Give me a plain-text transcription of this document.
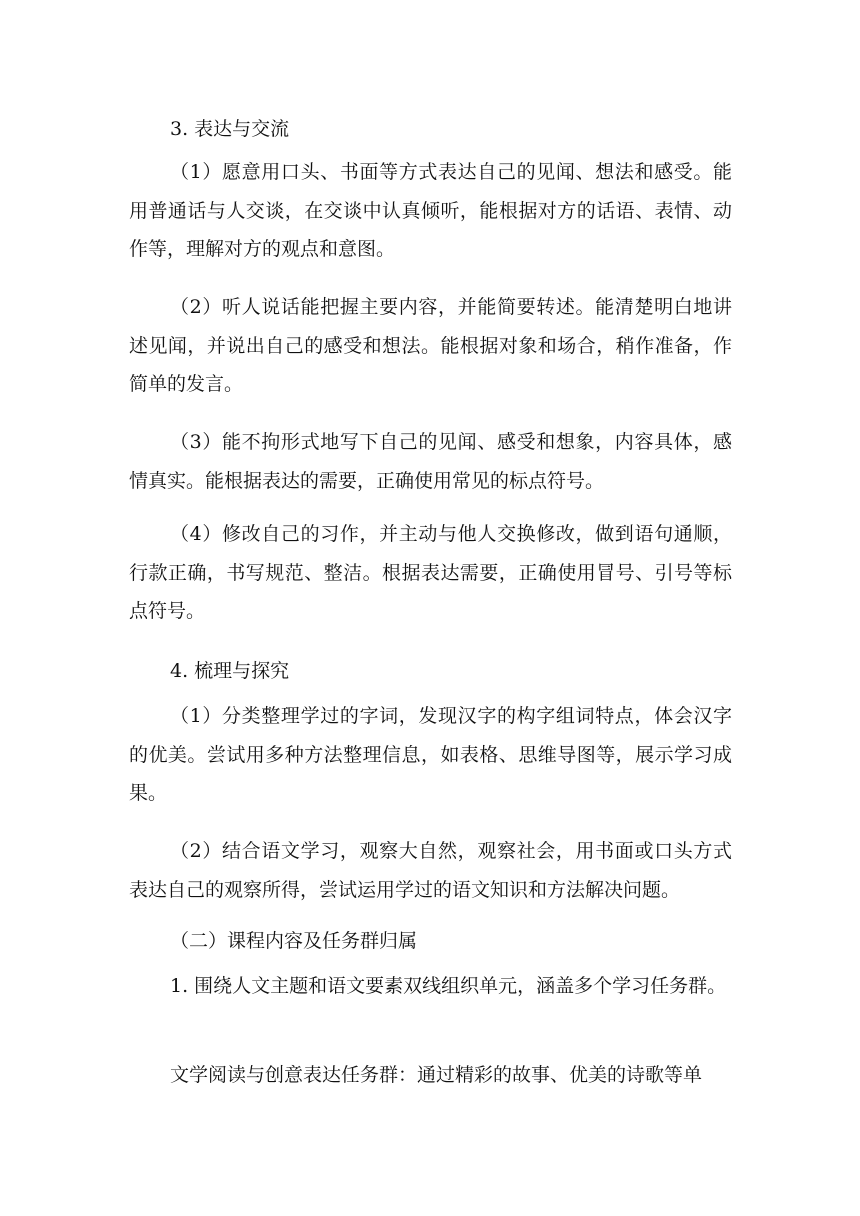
3. 表达与交流

（1）愿意用口头、书面等方式表达自己的见闻、想法和感受。能用普通话与人交谈，在交谈中认真倾听，能根据对方的话语、表情、动作等，理解对方的观点和意图。

（2）听人说话能把握主要内容，并能简要转述。能清楚明白地讲述见闻，并说出自己的感受和想法。能根据对象和场合，稍作准备，作简单的发言。

（3）能不拘形式地写下自己的见闻、感受和想象，内容具体，感情真实。能根据表达的需要，正确使用常见的标点符号。

（4）修改自己的习作，并主动与他人交换修改，做到语句通顺，行款正确，书写规范、整洁。根据表达需要，正确使用冒号、引号等标点符号。

4. 梳理与探究

（1）分类整理学过的字词，发现汉字的构字组词特点，体会汉字的优美。尝试用多种方法整理信息，如表格、思维导图等，展示学习成果。

（2）结合语文学习，观察大自然，观察社会，用书面或口头方式表达自己的观察所得，尝试运用学过的语文知识和方法解决问题。

（二）课程内容及任务群归属

1. 围绕人文主题和语文要素双线组织单元，涵盖多个学习任务群。

文学阅读与创意表达任务群：通过精彩的故事、优美的诗歌等单
